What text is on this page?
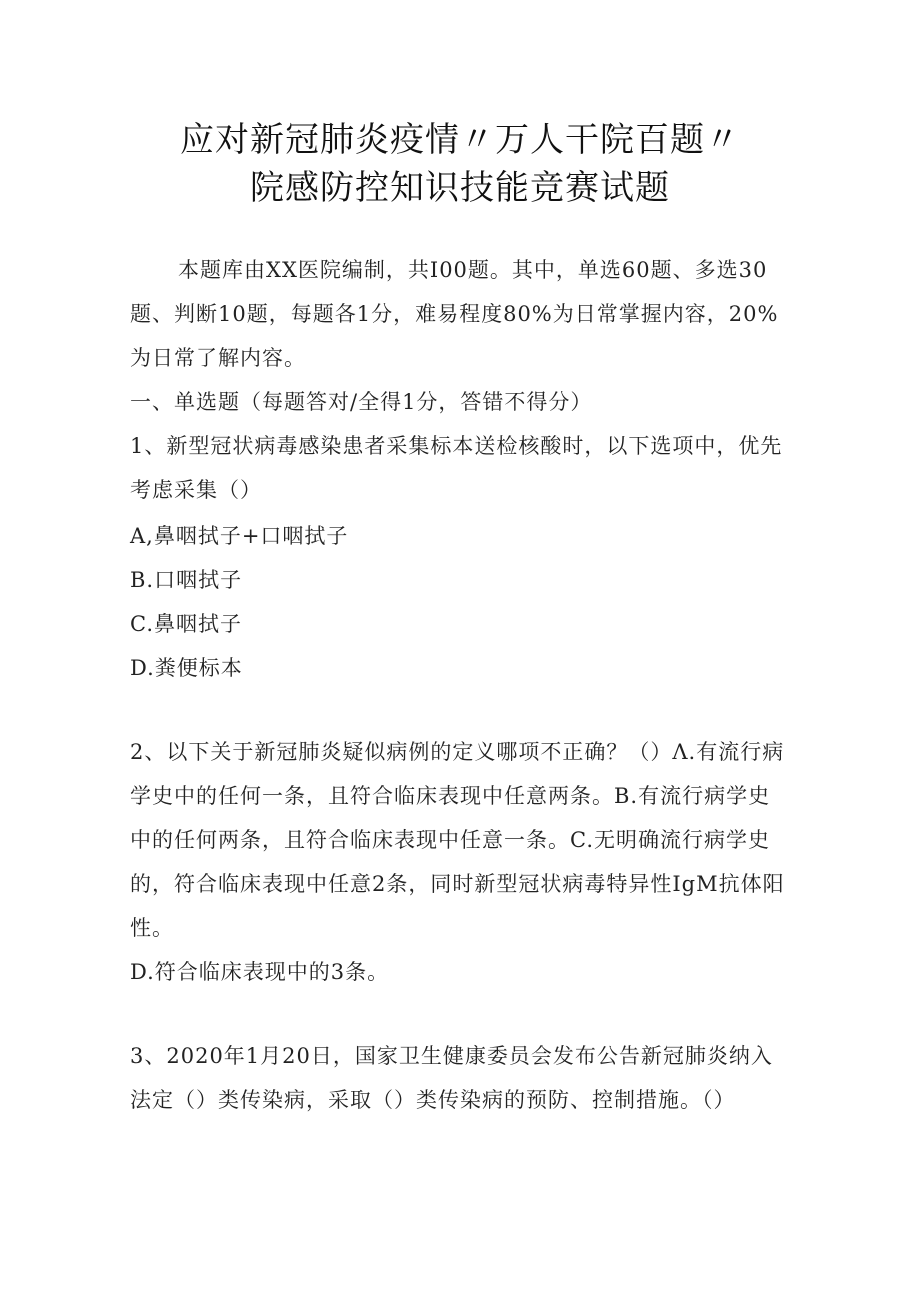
应对新冠肺炎疫情〃万人干院百题〃
院感防控知识技能竞赛试题
本题库由XX医院编制，共I00题。其中，单选60题、多选30题、判断10题，每题各1分，难易程度80%为日常掌握内容，20%为日常了解内容。
一、单选题（每题答对/全得1分，答错不得分）
1、新型冠状病毒感染患者采集标本送检核酸时，以下选项中，优先考虑采集（）
A,鼻咽拭子+口咽拭子
B.口咽拭子
C.鼻咽拭子
D.粪便标本
2、以下关于新冠肺炎疑似病例的定义哪项不正确？（）Λ.有流行病学史中的任何一条，且符合临床表现中任意两条。B.有流行病学史中的任何两条，且符合临床表现中任意一条。C.无明确流行病学史的，符合临床表现中任意2条，同时新型冠状病毒特异性IgM抗体阳性。
D.符合临床表现中的3条。
3、2020年1月20日，国家卫生健康委员会发布公告新冠肺炎纳入法定（）类传染病，采取（）类传染病的预防、控制措施。（）
